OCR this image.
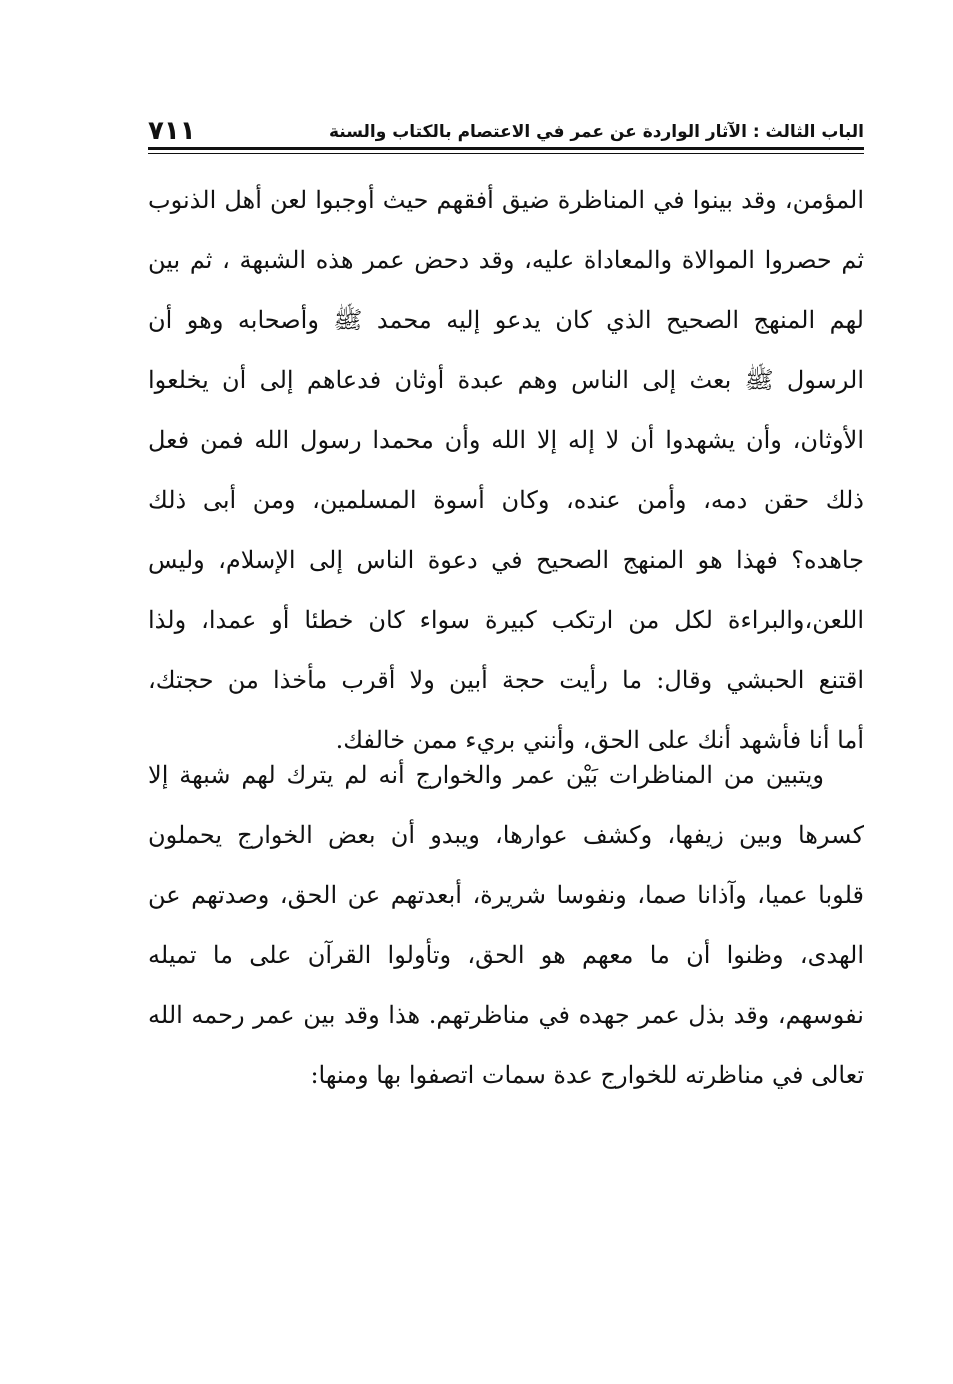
الباب الثالث : الآثار الواردة عن عمر في الاعتصام بالكتاب والسنة
٧١١
المؤمن، وقد بينوا في المناظرة ضيق أفقهم حيث أوجبوا لعن أهل الذنوب
ثم حصروا الموالاة والمعاداة عليه، وقد دحض عمر هذه الشبهة ، ثم بين
لهم المنهج الصحيح الذي كان يدعو إليه محمد ﷺ وأصحابه وهو أن
الرسول ﷺ بعث إلى الناس وهم عبدة أوثان فدعاهم إلى أن يخلعوا
الأوثان، وأن يشهدوا أن لا إله إلا الله وأن محمدا رسول الله فمن فعل
ذلك حقن دمه، وأمن عنده، وكان أسوة المسلمين، ومن أبى ذلك
جاهده؟ فهذا هو المنهج الصحيح في دعوة الناس إلى الإسلام، وليس
اللعن،والبراءة لكل من ارتكب كبيرة سواء كان خطئا أو عمدا، ولذا
اقتنع الحبشي وقال: ما رأيت حجة أبين ولا أقرب مأخذا من حجتك،
أما أنا فأشهد أنك على الحق، وأنني بريء ممن خالفك.
ويتبين من المناظرات بَيْن عمر والخوارج أنه لم يترك لهم شبهة إلا
كسرها وبين زيفها، وكشف عوارها، ويبدو أن بعض الخوارج يحملون
قلوبا عميا، وآذانا صما، ونفوسا شريرة، أبعدتهم عن الحق، وصدتهم عن
الهدى، وظنوا أن ما معهم هو الحق، وتأولوا القرآن على ما تميله
نفوسهم، وقد بذل عمر جهده في مناظرتهم. هذا وقد بين عمر رحمه الله
تعالى في مناظرته للخوارج عدة سمات اتصفوا بها ومنها:
